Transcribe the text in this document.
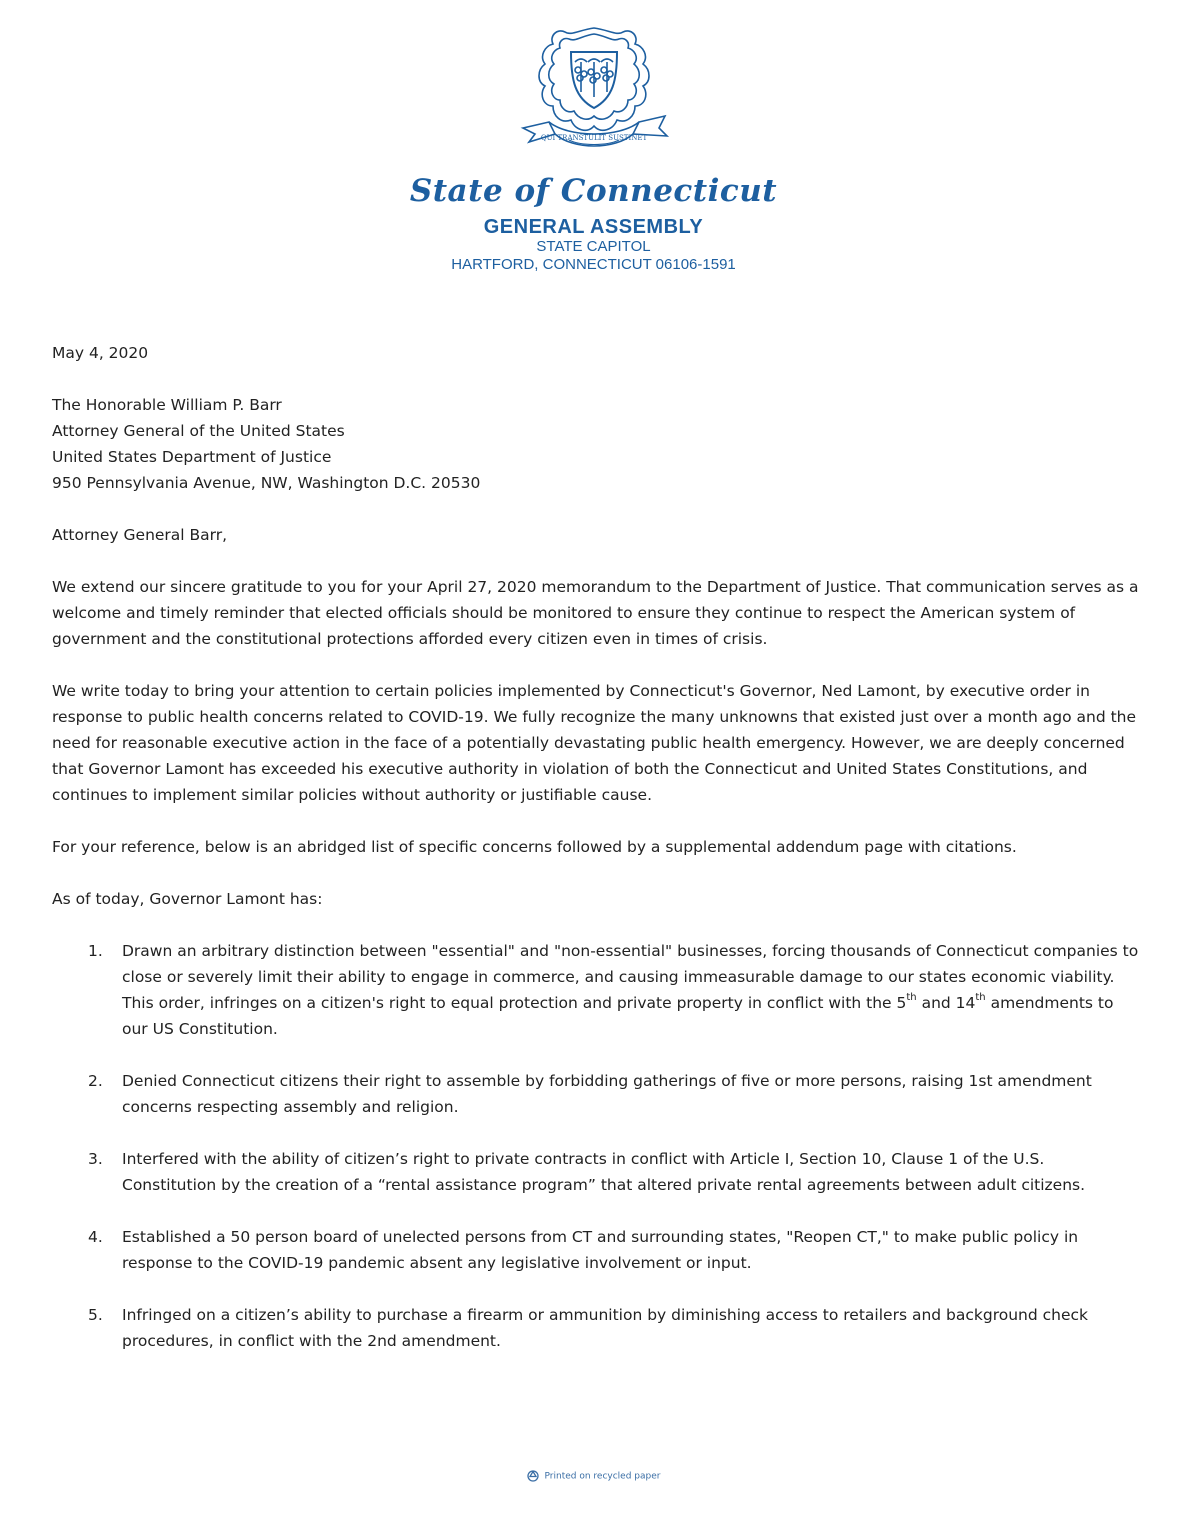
QUI TRANSTULIT SUSTINET
State of Connecticut
GENERAL ASSEMBLY
STATE CAPITOL
HARTFORD, CONNECTICUT 06106-1591

May 4, 2020

The Honorable William P. Barr

Attorney General of the United States

United States Department of Justice

950 Pennsylvania Avenue, NW, Washington D.C. 20530

Attorney General Barr,

We extend our sincere gratitude to you for your April 27, 2020 memorandum to the Department of Justice. That communication serves as a welcome and timely reminder that elected officials should be monitored to ensure they continue to respect the American system of government and the constitutional protections afforded every citizen even in times of crisis.

We write today to bring your attention to certain policies implemented by Connecticut's Governor, Ned Lamont, by executive order in response to public health concerns related to COVID-19. We fully recognize the many unknowns that existed just over a month ago and the need for reasonable executive action in the face of a potentially devastating public health emergency. However, we are deeply concerned that Governor Lamont has exceeded his executive authority in violation of both the Connecticut and United States Constitutions, and continues to implement similar policies without authority or justifiable cause.

For your reference, below is an abridged list of specific concerns followed by a supplemental addendum page with citations.

As of today, Governor Lamont has:

1. Drawn an arbitrary distinction between "essential" and "non-essential" businesses, forcing thousands of Connecticut companies to close or severely limit their ability to engage in commerce, and causing immeasurable damage to our states economic viability. This order, infringes on a citizen's right to equal protection and private property in conflict with the 5th and 14th amendments to our US Constitution.
2. Denied Connecticut citizens their right to assemble by forbidding gatherings of five or more persons, raising 1st amendment concerns respecting assembly and religion.
3. Interfered with the ability of citizen’s right to private contracts in conflict with Article I, Section 10, Clause 1 of the U.S. Constitution by the creation of a “rental assistance program” that altered private rental agreements between adult citizens.
4. Established a 50 person board of unelected persons from CT and surrounding states, "Reopen CT," to make public policy in response to the COVID-19 pandemic absent any legislative involvement or input.
5. Infringed on a citizen’s ability to purchase a firearm or ammunition by diminishing access to retailers and background check procedures, in conflict with the 2nd amendment.
Printed on recycled paper
